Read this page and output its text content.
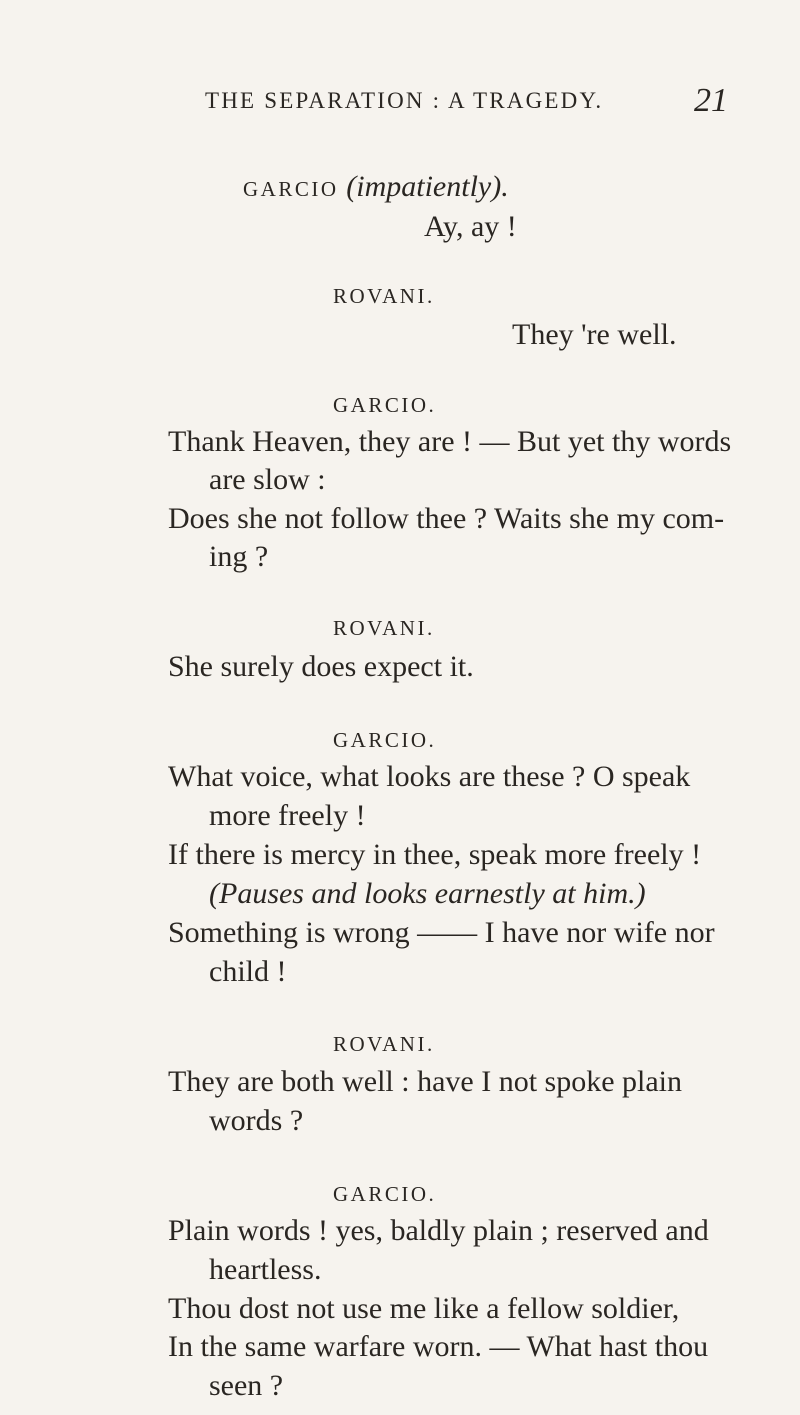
THE SEPARATION : A TRAGEDY.	21
GARCIO (impatiently).
Ay, ay !
ROVANI.
They 're well.
GARCIO.
Thank Heaven, they are ! — But yet thy words
are slow :
Does she not follow thee ? Waits she my com-
ing ?
ROVANI.
She surely does expect it.
GARCIO.
What voice, what looks are these ? O speak
more freely !
If there is mercy in thee, speak more freely !
(Pauses and looks earnestly at him.)
Something is wrong —— I have nor wife nor
child !
ROVANI.
They are both well : have I not spoke plain
words ?
GARCIO.
Plain words ! yes, baldly plain ; reserved and
heartless.
Thou dost not use me like a fellow soldier,
In the same warfare worn. — What hast thou
seen ?
